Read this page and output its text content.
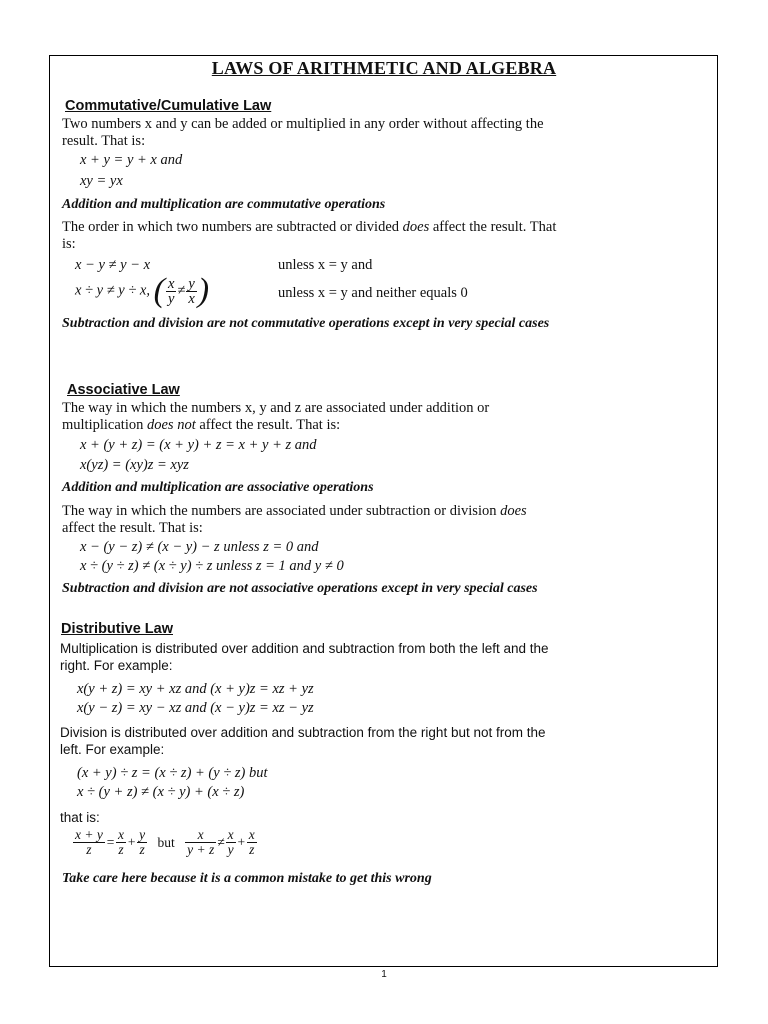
LAWS OF ARITHMETIC AND ALGEBRA
Commutative/Cumulative Law
Two numbers x and y can be added or multiplied in any order without affecting the result. That is:
x + y = y + x and
xy = yx
Addition and multiplication are commutative operations
The order in which two numbers are subtracted or divided does affect the result. That is:
x − y ≠ y − x	unless x = y and
x ÷ y ≠ y ÷ x, ( $\frac{x}{y} \ne \frac{y}{x}$ )	unless x = y and neither equals 0
Subtraction and division are not commutative operations except in very special cases
Associative Law
The way in which the numbers x, y and z are associated under addition or multiplication does not affect the result. That is:
x + (y + z) = (x + y) + z = x + y + z and
x(yz) = (xy)z = xyz
Addition and multiplication are associative operations
The way in which the numbers are associated under subtraction or division does affect the result. That is:
x − (y − z) ≠ (x − y) − z unless z = 0 and
x ÷ (y ÷ z) ≠ (x ÷ y) ÷ z unless z = 1 and y ≠ 0
Subtraction and division are not associative operations except in very special cases
Distributive Law
Multiplication is distributed over addition and subtraction from both the left and the right. For example:
x(y + z) = xy + xz and (x + y)z = xz + yz
x(y − z) = xy − xz and (x − y)z = xz − yz
Division is distributed over addition and subtraction from the right but not from the left. For example:
(x + y) ÷ z = (x ÷ z) + (y ÷ z) but
x ÷ (y + z) ≠ (x ÷ y) + (x ÷ z)
that is:
$\frac{x + y}{z} = \frac{x}{z} + \frac{y}{z}$ but $\frac{x}{y + z} \ne \frac{x}{y} + \frac{x}{z}$
Take care here because it is a common mistake to get this wrong
1
